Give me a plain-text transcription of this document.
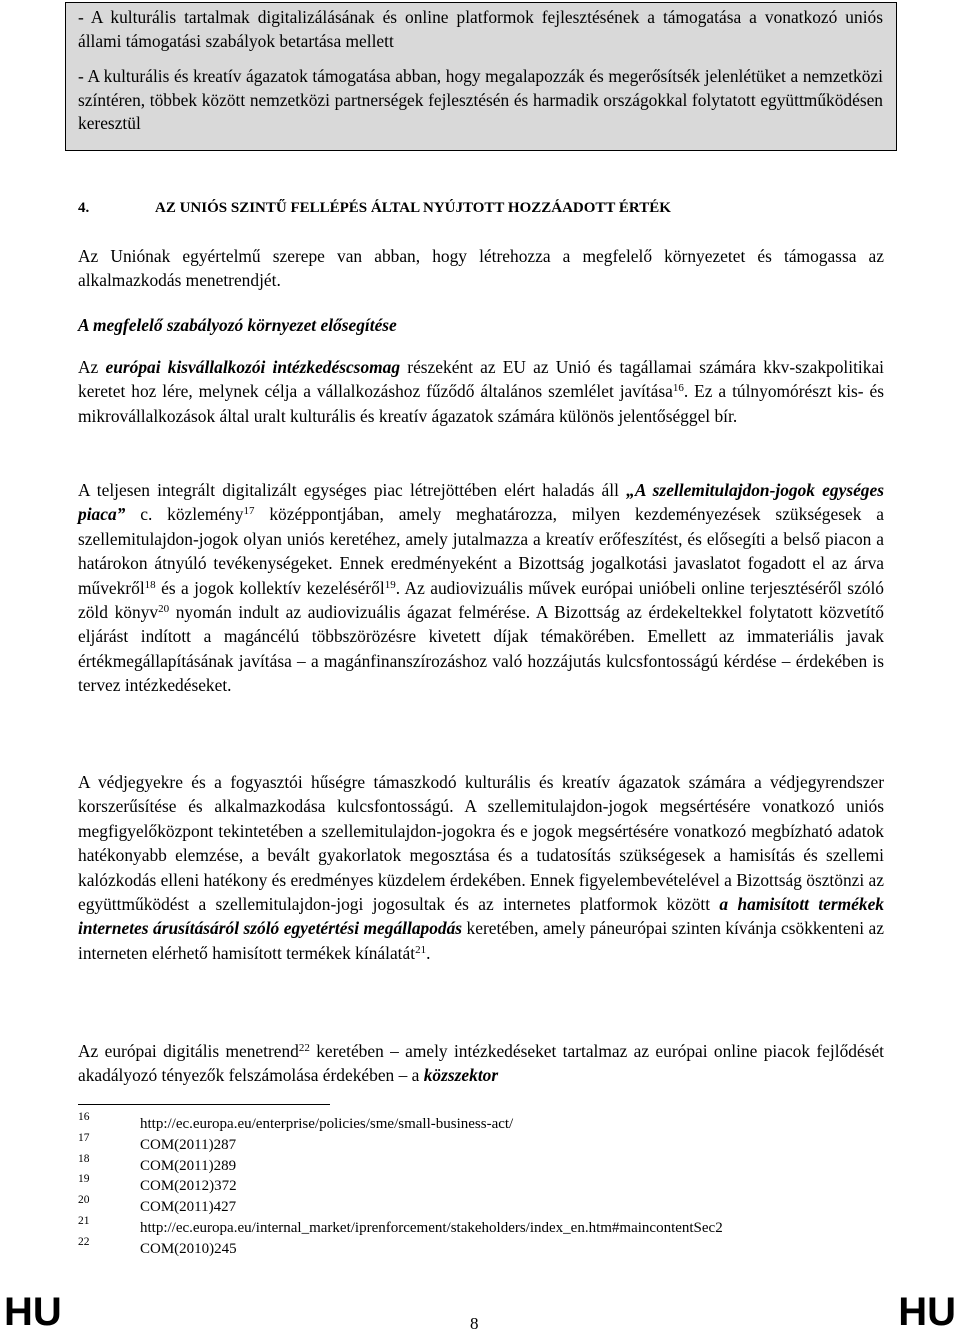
- A kulturális tartalmak digitalizálásának és online platformok fejlesztésének a támogatása a vonatkozó uniós állami támogatási szabályok betartása mellett

- A kulturális és kreatív ágazatok támogatása abban, hogy megalapozzák és megerősítsék jelenlétüket a nemzetközi színtéren, többek között nemzetközi partnerségek fejlesztésén és harmadik országokkal folytatott együttműködésen keresztül

4.	AZ UNIÓS SZINTŰ FELLÉPÉS ÁLTAL NYÚJTOTT HOZZÁADOTT ÉRTÉK
Az Uniónak egyértelmű szerepe van abban, hogy létrehozza a megfelelő környezetet és támogassa az alkalmazkodás menetrendjét.
A megfelelő szabályozó környezet elősegítése
Az európai kisvállalkozói intézkedéscsomag részeként az EU az Unió és tagállamai számára kkv-szakpolitikai keretet hoz lére, melynek célja a vállalkozáshoz fűződő általános szemlélet javítása$^{16}$. Ez a túlnyomórészt kis- és mikrovállalkozások által uralt kulturális és kreatív ágazatok számára különös jelentőséggel bír.
A teljesen integrált digitalizált egységes piac létrejöttében elért haladás áll „A szellemitulajdon-jogok egységes piaca” c. közlemény$^{17}$ középpontjában, amely meghatározza, milyen kezdeményezések szükségesek a szellemitulajdon-jogok olyan uniós keretéhez, amely jutalmazza a kreatív erőfeszítést, és elősegíti a belső piacon a határokon átnyúló tevékenységeket. Ennek eredményeként a Bizottság jogalkotási javaslatot fogadott el az árva művekről$^{18}$ és a jogok kollektív kezeléséről$^{19}$. Az audiovizuális művek európai unióbeli online terjesztéséről szóló zöld könyv$^{20}$ nyomán indult az audiovizuális ágazat felmérése. A Bizottság az érdekeltekkel folytatott közvetítő eljárást indított a magáncélú többszörözésre kivetett díjak témakörében. Emellett az immateriális javak értékmegállapításának javítása – a magánfinanszírozáshoz való hozzájutás kulcsfontosságú kérdése – érdekében is tervez intézkedéseket.
A védjegyekre és a fogyasztói hűségre támaszkodó kulturális és kreatív ágazatok számára a védjegyrendszer korszerűsítése és alkalmazkodása kulcsfontosságú. A szellemitulajdon-jogok megsértésére vonatkozó uniós megfigyelőközpont tekintetében a szellemitulajdon-jogokra és e jogok megsértésére vonatkozó megbízható adatok hatékonyabb elemzése, a bevált gyakorlatok megosztása és a tudatosítás szükségesek a hamisítás és szellemi kalózkodás elleni hatékony és eredményes küzdelem érdekében. Ennek figyelembevételével a Bizottság ösztönzi az együttműködést a szellemitulajdon-jogi jogosultak és az internetes platformok között a hamisított termékek internetes árusításáról szóló egyetértési megállapodás keretében, amely páneurópai szinten kívánja csökkenteni az interneten elérhető hamisított termékek kínálatát$^{21}$.
Az európai digitális menetrend$^{22}$ keretében – amely intézkedéseket tartalmaz az európai online piacok fejlődését akadályozó tényezők felszámolása érdekében – a közszektor
16	http://ec.europa.eu/enterprise/policies/sme/small-business-act/
17	COM(2011)287
18	COM(2011)289
19	COM(2012)372
20	COM(2011)427
21	http://ec.europa.eu/internal_market/iprenforcement/stakeholders/index_en.htm#maincontentSec2
22	COM(2010)245
HU	8	HU
